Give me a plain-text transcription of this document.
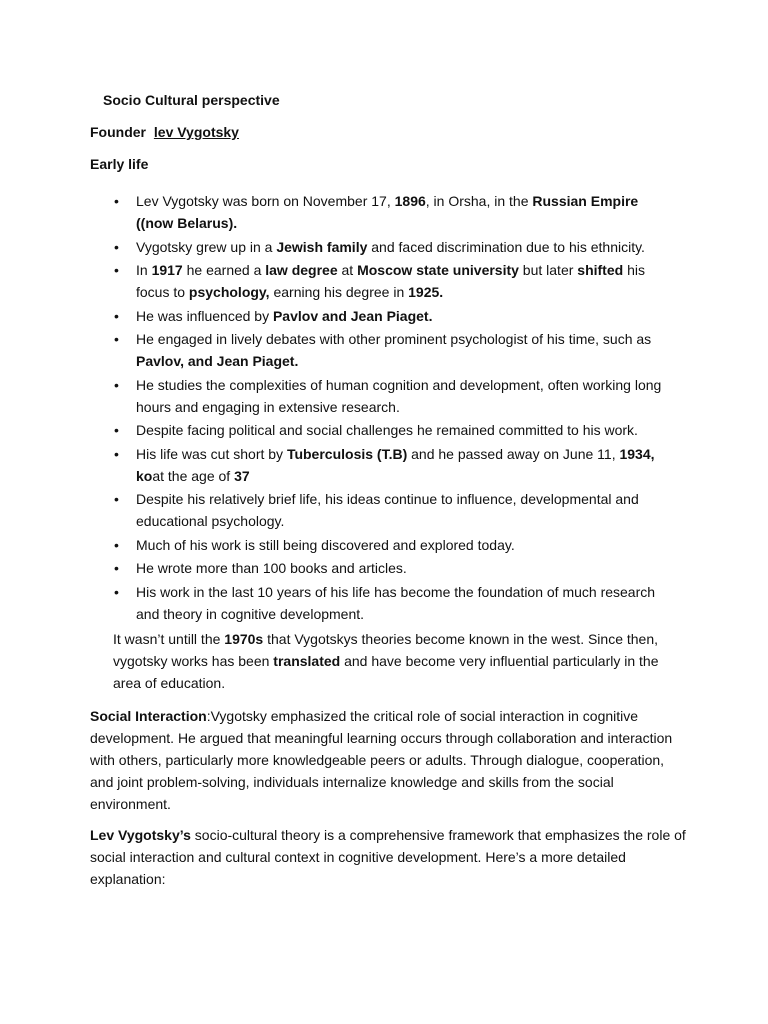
Socio Cultural perspective
Founder lev Vygotsky
Early life
• Lev Vygotsky was born on November 17, 1896, in Orsha, in the Russian Empire ((now Belarus).
• Vygotsky grew up in a Jewish family and faced discrimination due to his ethnicity.
• In 1917 he earned a law degree at Moscow state university but later shifted his focus to psychology, earning his degree in 1925.
• He was influenced by Pavlov and Jean Piaget.
• He engaged in lively debates with other prominent psychologist of his time, such as Pavlov, and Jean Piaget.
• He studies the complexities of human cognition and development, often working long hours and engaging in extensive research.
• Despite facing political and social challenges he remained committed to his work.
• His life was cut short by Tuberculosis (T.B) and he passed away on June 11, 1934, koat the age of 37
• Despite his relatively brief life, his ideas continue to influence, developmental and educational psychology.
• Much of his work is still being discovered and explored today.
• He wrote more than 100 books and articles.
• His work in the last 10 years of his life has become the foundation of much research and theory in cognitive development.

It wasn’t untill the 1970s that Vygotskys theories become known in the west. Since then, vygotsky works has been translated and have become very influential particularly in the area of education.

Social Interaction:Vygotsky emphasized the critical role of social interaction in cognitive development. He argued that meaningful learning occurs through collaboration and interaction with others, particularly more knowledgeable peers or adults. Through dialogue, cooperation, and joint problem-solving, individuals internalize knowledge and skills from the social environment.

Lev Vygotsky’s socio-cultural theory is a comprehensive framework that emphasizes the role of social interaction and cultural context in cognitive development. Here’s a more detailed explanation:
